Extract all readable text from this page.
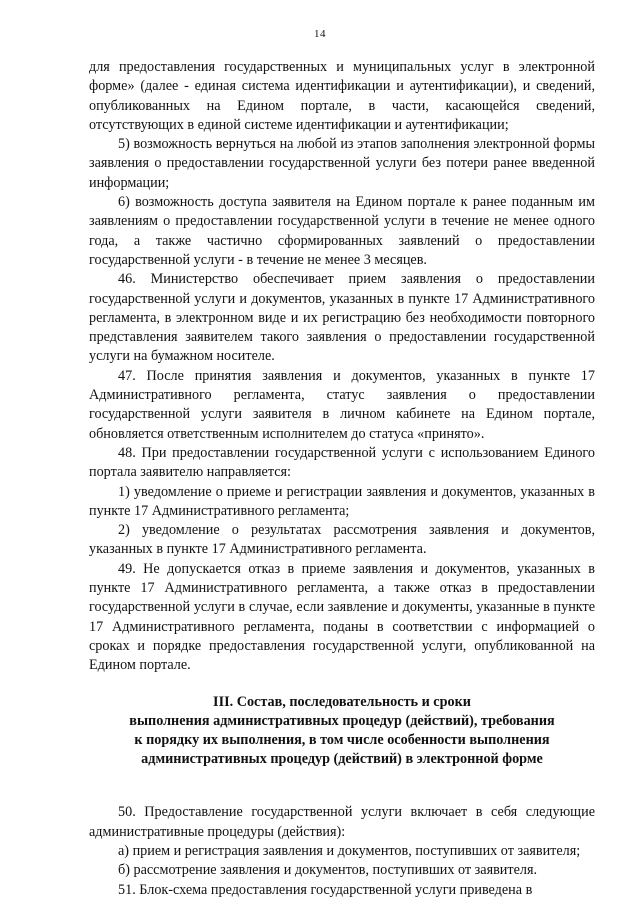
14

для предоставления государственных и муниципальных услуг в электронной форме» (далее - единая система идентификации и аутентификации), и сведений, опубликованных на Едином портале, в части, касающейся сведений, отсутствующих в единой системе идентификации и аутентификации;

5) возможность вернуться на любой из этапов заполнения электронной формы заявления о предоставлении государственной услуги без потери ранее введенной информации;

6) возможность доступа заявителя на Едином портале к ранее поданным им заявлениям о предоставлении государственной услуги в течение не менее одного года, а также частично сформированных заявлений о предоставлении государственной услуги - в течение не менее 3 месяцев.

46. Министерство обеспечивает прием заявления о предоставлении государственной услуги и документов, указанных в пункте 17 Административного регламента, в электронном виде и их регистрацию без необходимости повторного представления заявителем такого заявления о предоставлении государственной услуги на бумажном носителе.

47. После принятия заявления и документов, указанных в пункте 17 Административного регламента, статус заявления о предоставлении государственной услуги заявителя в личном кабинете на Едином портале, обновляется ответственным исполнителем до статуса «принято».

48. При предоставлении государственной услуги с использованием Единого портала заявителю направляется:

1) уведомление о приеме и регистрации заявления и документов, указанных в пункте 17 Административного регламента;

2) уведомление о результатах рассмотрения заявления и документов, указанных в пункте 17 Административного регламента.

49. Не допускается отказ в приеме заявления и документов, указанных в пункте 17 Административного регламента, а также отказ в предоставлении государственной услуги в случае, если заявление и документы, указанные в пункте 17 Административного регламента, поданы в соответствии с информацией о сроках и порядке предоставления государственной услуги, опубликованной на Едином портале.

III. Состав, последовательность и сроки
выполнения административных процедур (действий), требования
к порядку их выполнения, в том числе особенности выполнения
административных процедур (действий) в электронной форме

50. Предоставление государственной услуги включает в себя следующие административные процедуры (действия):

а) прием и регистрация заявления и документов, поступивших от заявителя;

б) рассмотрение заявления и документов, поступивших от заявителя.

51. Блок-схема предоставления государственной услуги приведена в
